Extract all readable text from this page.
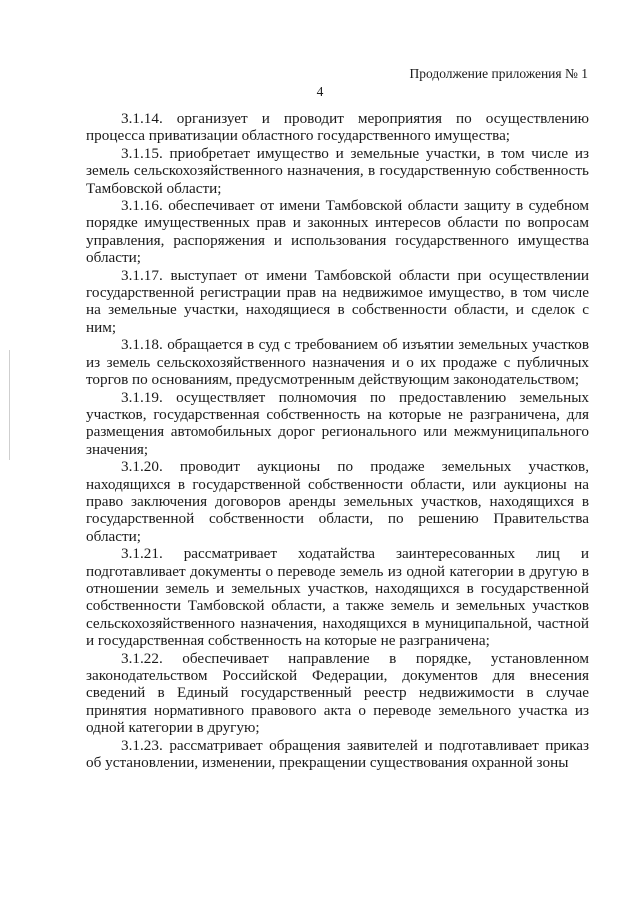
Продолжение приложения № 1
4

3.1.14. организует и проводит мероприятия по осуществлению процесса приватизации областного государственного имущества;

3.1.15. приобретает имущество и земельные участки, в том числе из земель сельскохозяйственного назначения, в государственную собственность Тамбовской области;

3.1.16. обеспечивает от имени Тамбовской области защиту в судебном порядке имущественных прав и законных интересов области по вопросам управления, распоряжения и использования государственного имущества области;

3.1.17. выступает от имени Тамбовской области при осуществлении государственной регистрации прав на недвижимое имущество, в том числе на земельные участки, находящиеся в собственности области, и сделок с ним;

3.1.18. обращается в суд с требованием об изъятии земельных участков из земель сельскохозяйственного назначения и о их продаже с публичных торгов по основаниям, предусмотренным действующим законодательством;

3.1.19. осуществляет полномочия по предоставлению земельных участков, государственная собственность на которые не разграничена, для размещения автомобильных дорог регионального или межмуниципального значения;

3.1.20. проводит аукционы по продаже земельных участков, находящихся в государственной собственности области, или аукционы на право заключения договоров аренды земельных участков, находящихся в государственной собственности области, по решению Правительства области;

3.1.21. рассматривает ходатайства заинтересованных лиц и подготавливает документы о переводе земель из одной категории в другую в отношении земель и земельных участков, находящихся в государственной собственности Тамбовской области, а также земель и земельных участков сельскохозяйственного назначения, находящихся в муниципальной, частной и государственная собственность на которые не разграничена;

3.1.22. обеспечивает направление в порядке, установленном законодательством Российской Федерации, документов для внесения сведений в Единый государственный реестр недвижимости в случае принятия нормативного правового акта о переводе земельного участка из одной категории в другую;

3.1.23. рассматривает обращения заявителей и подготавливает приказ об установлении, изменении, прекращении существования охранной зоны
